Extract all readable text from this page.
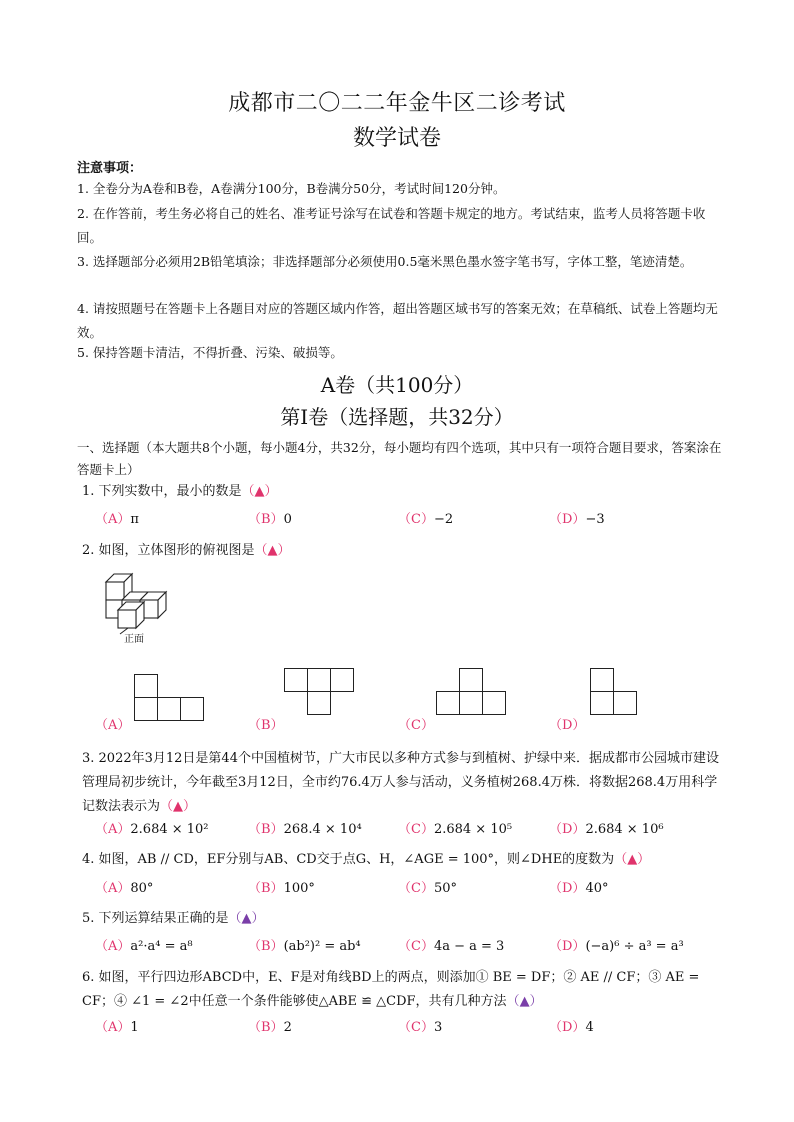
成都市二〇二二年金牛区二诊考试
数学试卷
注意事项：
1. 全卷分为A卷和B卷，A卷满分100分，B卷满分50分，考试时间120分钟。
2. 在作答前，考生务必将自己的姓名、准考证号涂写在试卷和答题卡规定的地方。考试结束，监考人员将答题卡收回。
3. 选择题部分必须用2B铅笔填涂；非选择题部分必须使用0.5毫米黑色墨水签字笔书写，字体工整，笔迹清楚。
4. 请按照题号在答题卡上各题目对应的答题区域内作答，超出答题区域书写的答案无效；在草稿纸、试卷上答题均无效。
5. 保持答题卡清洁，不得折叠、污染、破损等。
A卷（共100分）
第Ⅰ卷（选择题，共32分）
一、选择题（本大题共8个小题，每小题4分，共32分，每小题均有四个选项，其中只有一项符合题目要求，答案涂在答题卡上）
1. 下列实数中，最小的数是（▲）
（A）π	（B）0	（C）−2	（D）−3
2. 如图，立体图形的俯视图是（▲）
正面
（A）	（B）	（C）	（D）
3. 2022年3月12日是第44个中国植树节，广大市民以多种方式参与到植树、护绿中来．据成都市公园城市建设管理局初步统计，今年截至3月12日，全市约76.4万人参与活动，义务植树268.4万株．将数据268.4万用科学记数法表示为（▲）
（A）2.684 × 10²	（B）268.4 × 10⁴	（C）2.684 × 10⁵	（D）2.684 × 10⁶
4. 如图，AB // CD，EF分别与AB、CD交于点G、H，∠AGE = 100°，则∠DHE的度数为（▲）
（A）80°	（B）100°	（C）50°	（D）40°
5. 下列运算结果正确的是（▲）
（A）a²·a⁴ = a⁸	（B）(ab²)² = ab⁴	（C）4a − a = 3	（D）(−a)⁶ ÷ a³ = a³
6. 如图，平行四边形ABCD中，E、F是对角线BD上的两点，则添加① BE = DF；② AE // CF；③ AE = CF；④ ∠1 = ∠2中任意一个条件能够使△ABE ≌ △CDF，共有几种方法（▲）
（A）1	（B）2	（C）3	（D）4
